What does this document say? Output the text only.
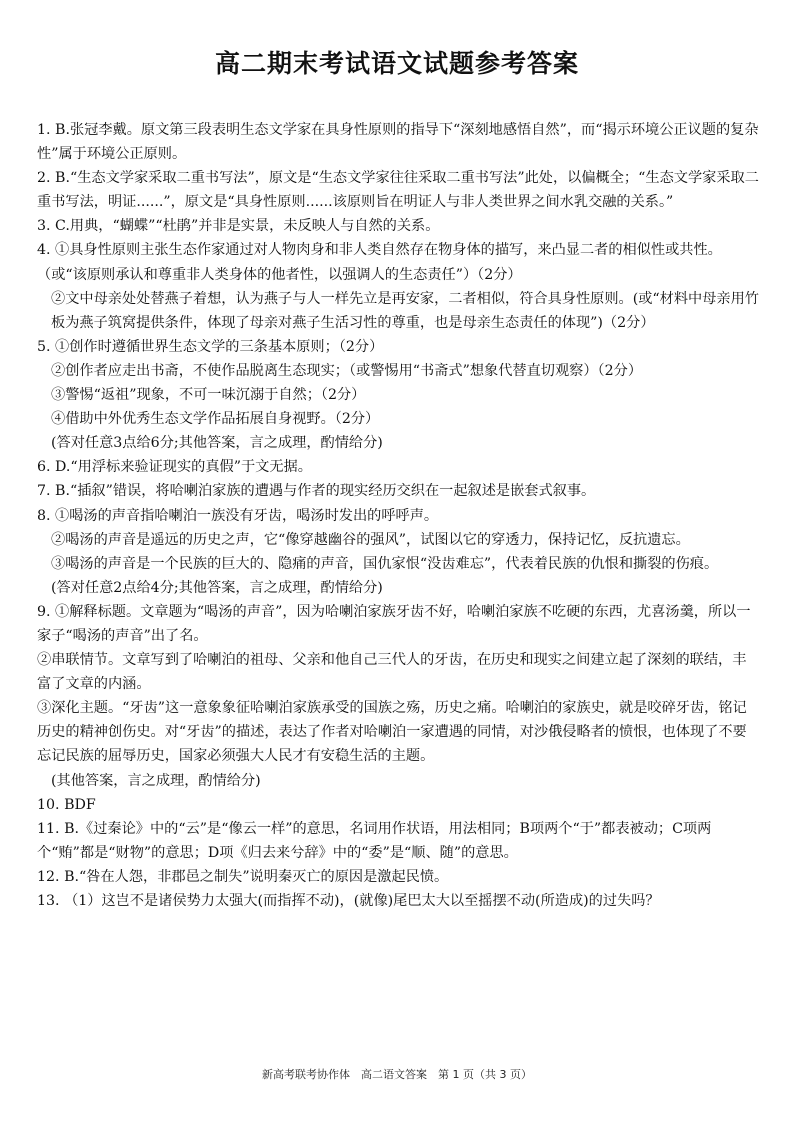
高二期末考试语文试题参考答案

1. B.张冠李戴。原文第三段表明生态文学家在具身性原则的指导下“深刻地感悟自然”，而“揭示环境公正议题的复杂性”属于环境公正原则。

2. B.“生态文学家采取二重书写法”，原文是“生态文学家往往采取二重书写法”此处，以偏概全；“生态文学家采取二重书写法，明证......”，原文是“具身性原则......该原则旨在明证人与非人类世界之间水乳交融的关系。”

3. C.用典，“蝴蝶”“杜鹃”并非是实景，未反映人与自然的关系。

4. ①具身性原则主张生态作家通过对人物肉身和非人类自然存在物身体的描写，来凸显二者的相似性或共性。（或“该原则承认和尊重非人类身体的他者性，以强调人的生态责任”）（2分）

②文中母亲处处替燕子着想，认为燕子与人一样先立是再安家，二者相似，符合具身性原则。(或“材料中母亲用竹板为燕子筑窝提供条件，体现了母亲对燕子生活习性的尊重，也是母亲生态责任的体现”)（2分）

5. ①创作时遵循世界生态文学的三条基本原则；（2分）

②创作者应走出书斋，不使作品脱离生态现实；（或警惕用“书斋式”想象代替直切观察）（2分）

③警惕“返祖”现象，不可一味沉溺于自然；（2分）

④借助中外优秀生态文学作品拓展自身视野。（2分）

(答对任意3点给6分;其他答案，言之成理，酌情给分)

6. D.“用浮标来验证现实的真假”于文无据。

7. B.“插叙”错误，将哈喇泊家族的遭遇与作者的现实经历交织在一起叙述是嵌套式叙事。

8. ①喝汤的声音指哈喇泊一族没有牙齿，喝汤时发出的呼呼声。

②喝汤的声音是遥远的历史之声，它“像穿越幽谷的强风”，试图以它的穿透力，保持记忆，反抗遗忘。

③喝汤的声音是一个民族的巨大的、隐痛的声音，国仇家恨“没齿难忘”，代表着民族的仇恨和撕裂的伤痕。

(答对任意2点给4分;其他答案，言之成理，酌情给分)

9. ①解释标题。文章题为“喝汤的声音”，因为哈喇泊家族牙齿不好，哈喇泊家族不吃硬的东西，尤喜汤羹，所以一家子“喝汤的声音”出了名。

②串联情节。文章写到了哈喇泊的祖母、父亲和他自己三代人的牙齿，在历史和现实之间建立起了深刻的联结，丰富了文章的内涵。

③深化主题。“牙齿”这一意象象征哈喇泊家族承受的国族之殇，历史之痛。哈喇泊的家族史，就是咬碎牙齿，铭记历史的精神创伤史。对“牙齿”的描述，表达了作者对哈喇泊一家遭遇的同情，对沙俄侵略者的愤恨，也体现了不要忘记民族的屈辱历史，国家必须强大人民才有安稳生活的主题。

(其他答案，言之成理，酌情给分)

10. BDF

11. B.《过秦论》中的“云”是“像云一样”的意思，名词用作状语，用法相同；B项两个“于”都表被动；C项两个“贿”都是“财物”的意思；D项《归去来兮辞》中的“委”是“顺、随”的意思。

12. B.“咎在人怨，非郡邑之制失”说明秦灭亡的原因是激起民愤。

13. （1）这岂不是诸侯势力太强大(而指挥不动)，(就像)尾巴太大以至摇摆不动(所造成)的过失吗？

新高考联考协作体　高二语文答案　第 1 页（共 3 页）
